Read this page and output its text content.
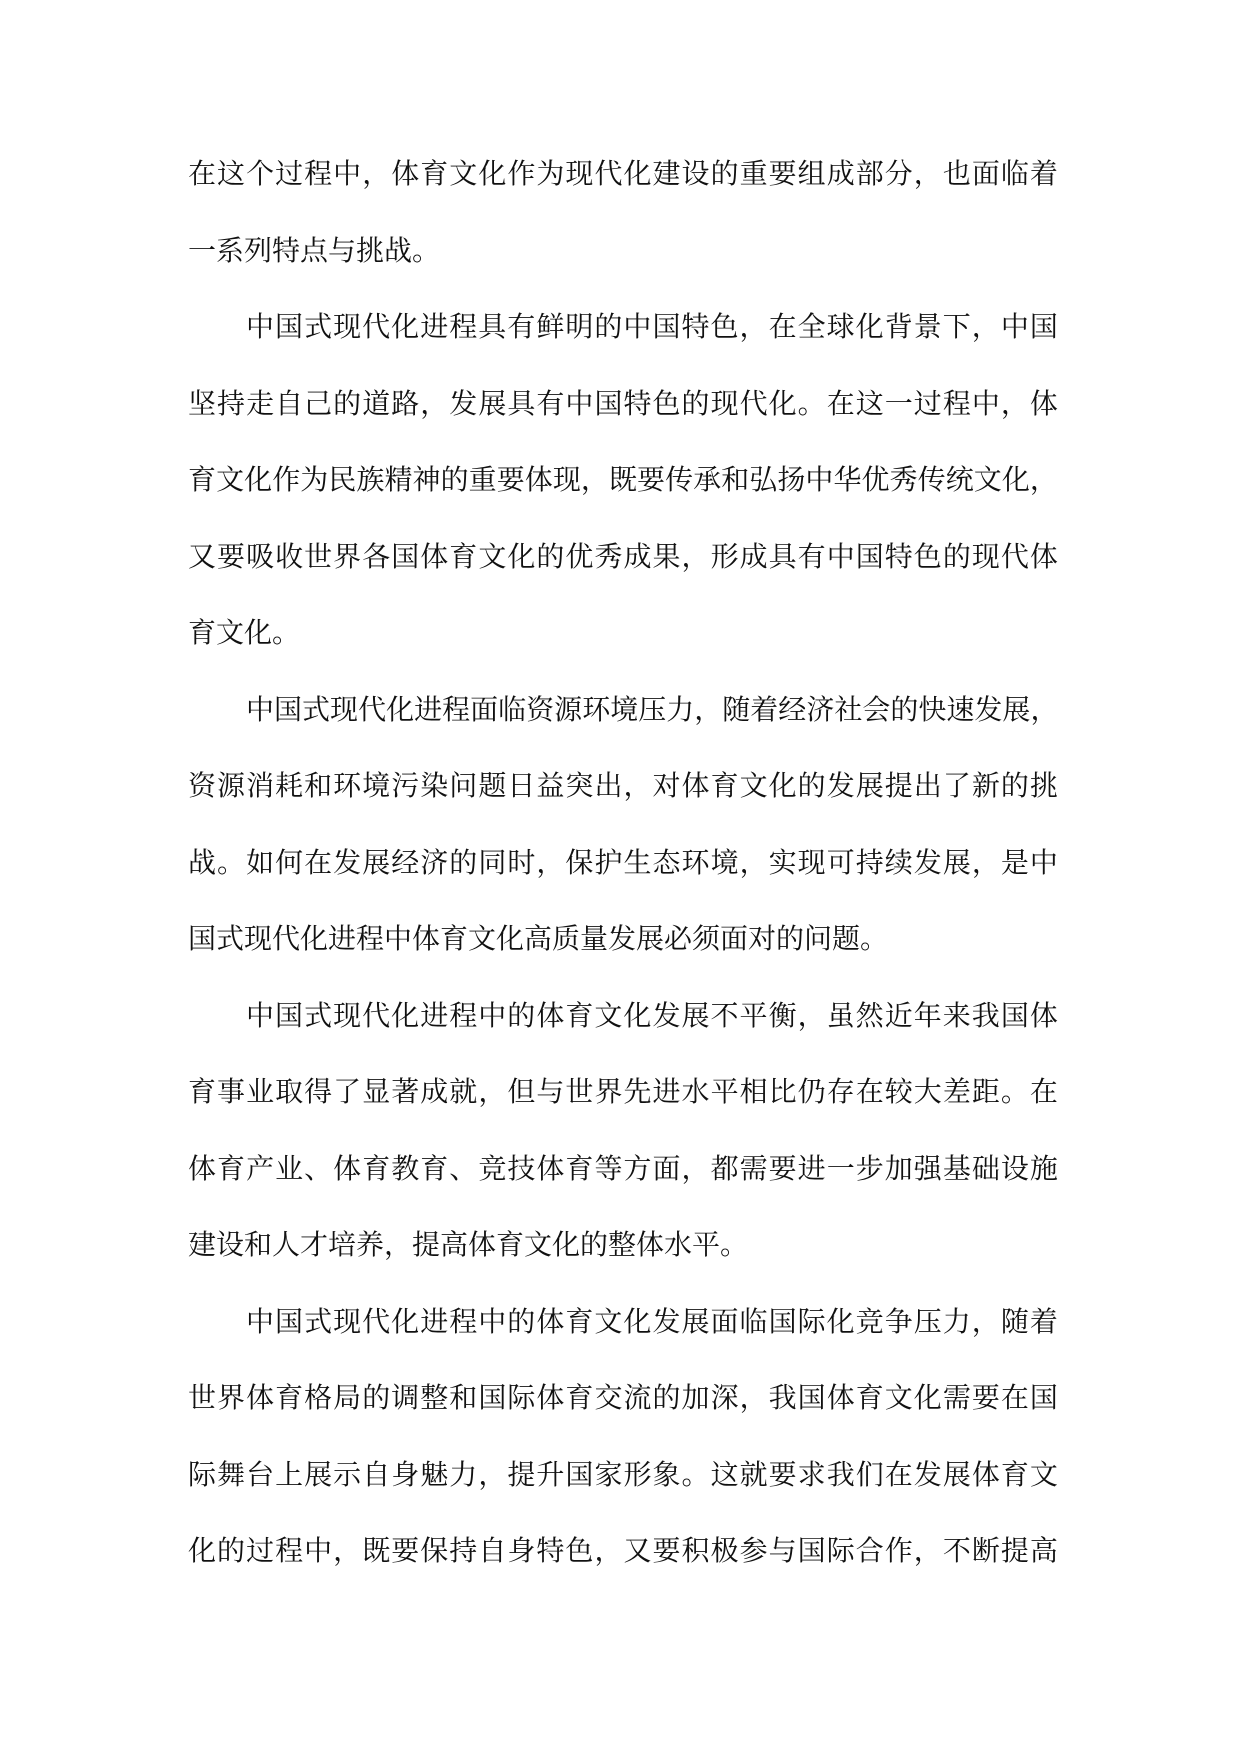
在 这 个 过 程 中 ， 体 育 文 化 作 为 现 代 化 建 设 的 重 要 组 成 部 分 ， 也 面 临 着
一系列特点与挑战。
中 国 式 现 代 化 进 程 具 有 鲜 明 的 中 国 特 色 ， 在 全 球 化 背 景 下 ， 中 国
坚 持 走 自 己 的 道 路 ， 发 展 具 有 中 国 特 色 的 现 代 化 。 在 这 一 过 程 中 ， 体
育 文 化 作 为 民 族 精 神 的 重 要 体 现 ， 既 要 传 承 和 弘 扬 中 华 优 秀 传 统 文 化 ，
又 要 吸 收 世 界 各 国 体 育 文 化 的 优 秀 成 果 ， 形 成 具 有 中 国 特 色 的 现 代 体
育文化。
中 国 式 现 代 化 进 程 面 临 资 源 环 境 压 力 ， 随 着 经 济 社 会 的 快 速 发 展 ，
资 源 消 耗 和 环 境 污 染 问 题 日 益 突 出 ， 对 体 育 文 化 的 发 展 提 出 了 新 的 挑
战 。 如 何 在 发 展 经 济 的 同 时 ， 保 护 生 态 环 境 ， 实 现 可 持 续 发 展 ， 是 中
国式现代化进程中体育文化高质量发展必须面对的问题。
中 国 式 现 代 化 进 程 中 的 体 育 文 化 发 展 不 平 衡 ， 虽 然 近 年 来 我 国 体
育 事 业 取 得 了 显 著 成 就 ， 但 与 世 界 先 进 水 平 相 比 仍 存 在 较 大 差 距 。 在
体 育 产 业 、 体 育 教 育 、 竞 技 体 育 等 方 面 ， 都 需 要 进 一 步 加 强 基 础 设 施
建设和人才培养，提高体育文化的整体水平。
中 国 式 现 代 化 进 程 中 的 体 育 文 化 发 展 面 临 国 际 化 竞 争 压 力 ， 随 着
世 界 体 育 格 局 的 调 整 和 国 际 体 育 交 流 的 加 深 ， 我 国 体 育 文 化 需 要 在 国
际 舞 台 上 展 示 自 身 魅 力 ， 提 升 国 家 形 象 。 这 就 要 求 我 们 在 发 展 体 育 文
化 的 过 程 中 ， 既 要 保 持 自 身 特 色 ， 又 要 积 极 参 与 国 际 合 作 ， 不 断 提 高
